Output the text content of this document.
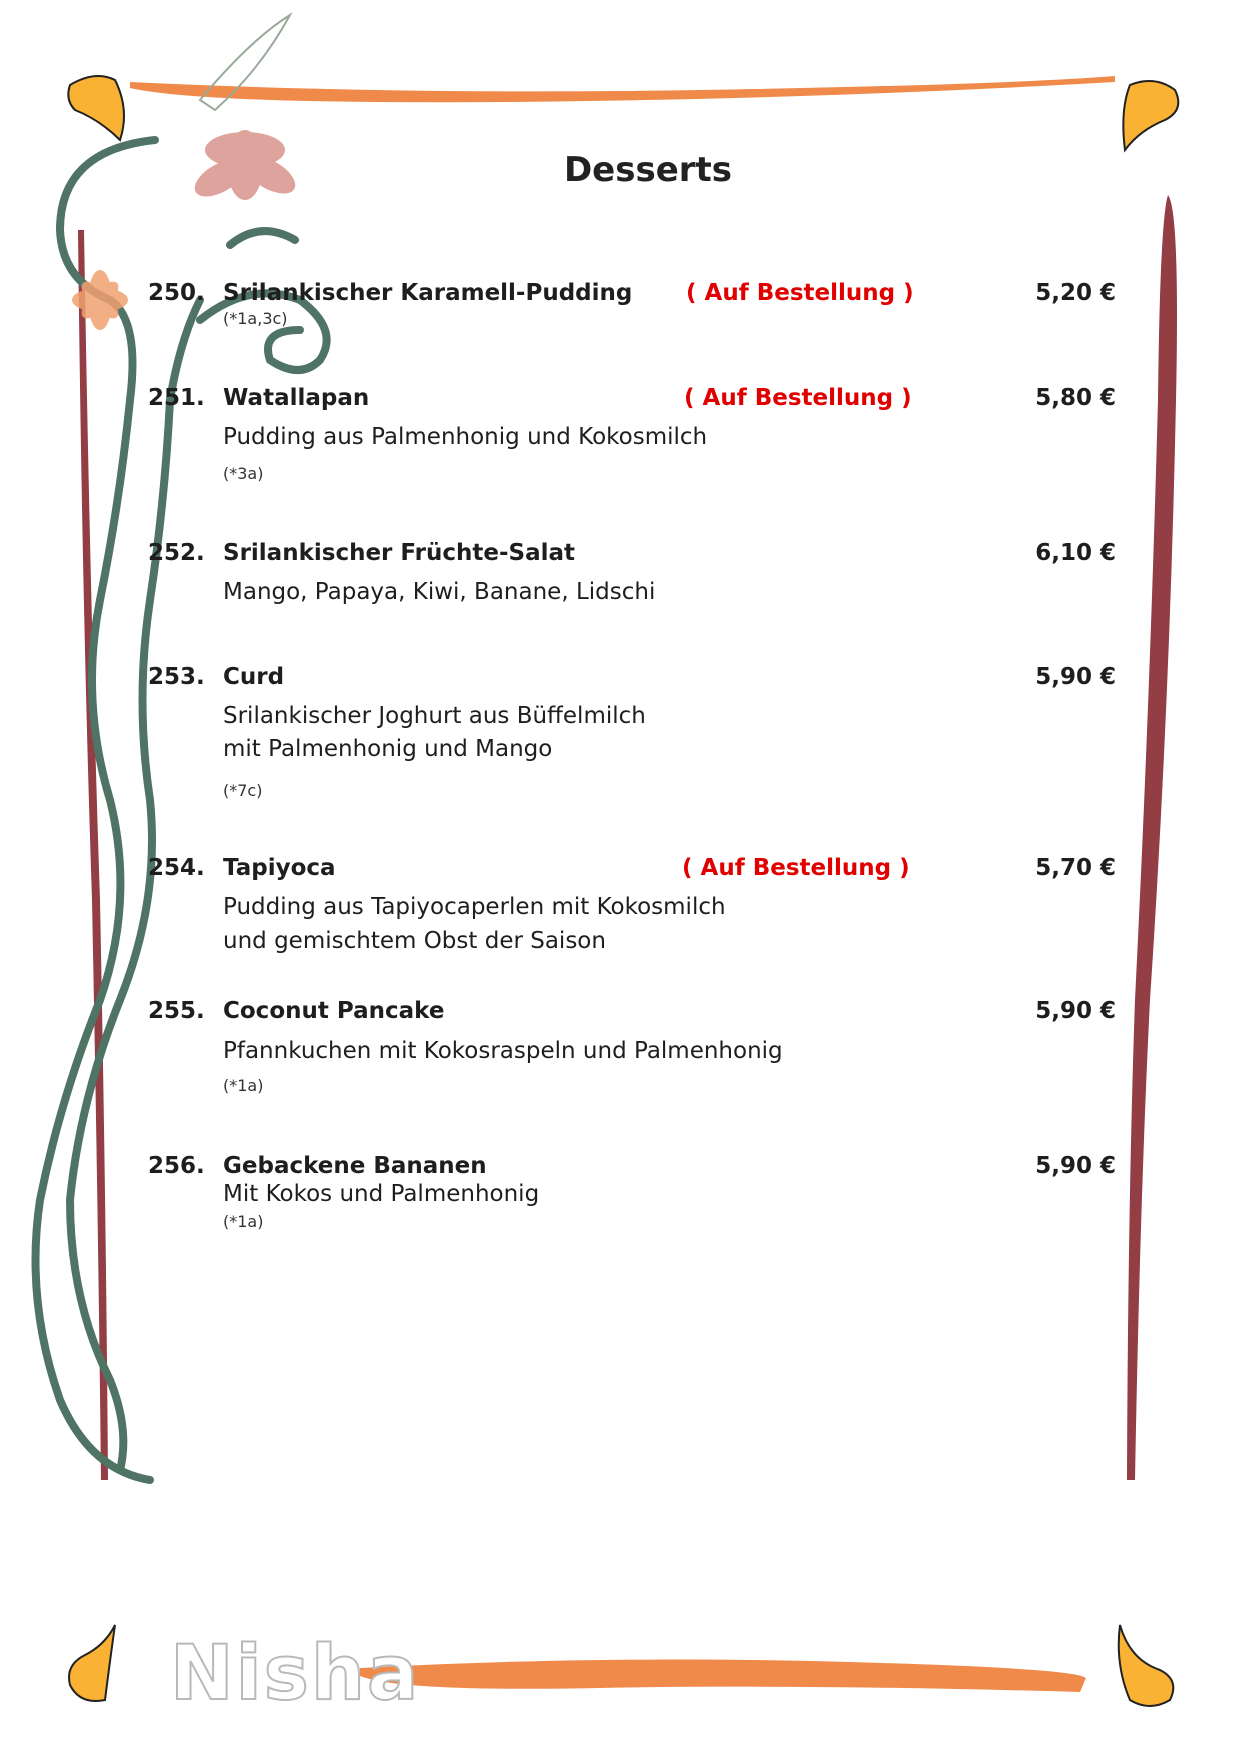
Desserts
250. Srilankischer Karamell-Pudding ( Auf Bestellung )	5,20 €
(*1a,3c)
251. Watallapan	( Auf Bestellung )	5,80 €
Pudding aus Palmenhonig und Kokosmilch
(*3a)
252. Srilankischer Früchte-Salat	6,10 €
Mango, Papaya, Kiwi, Banane, Lidschi
253. Curd	5,90 €
Srilankischer Joghurt aus Büffelmilch
mit Palmenhonig und Mango
(*7c)
254. Tapiyoca	( Auf Bestellung )	5,70 €
Pudding aus Tapiyocaperlen mit Kokosmilch
und gemischtem Obst der Saison
255. Coconut Pancake	5,90 €
Pfannkuchen mit Kokosraspeln und Palmenhonig
(*1a)
256. Gebackene Bananen	5,90 €
Mit Kokos und Palmenhonig
(*1a)
Nisha
